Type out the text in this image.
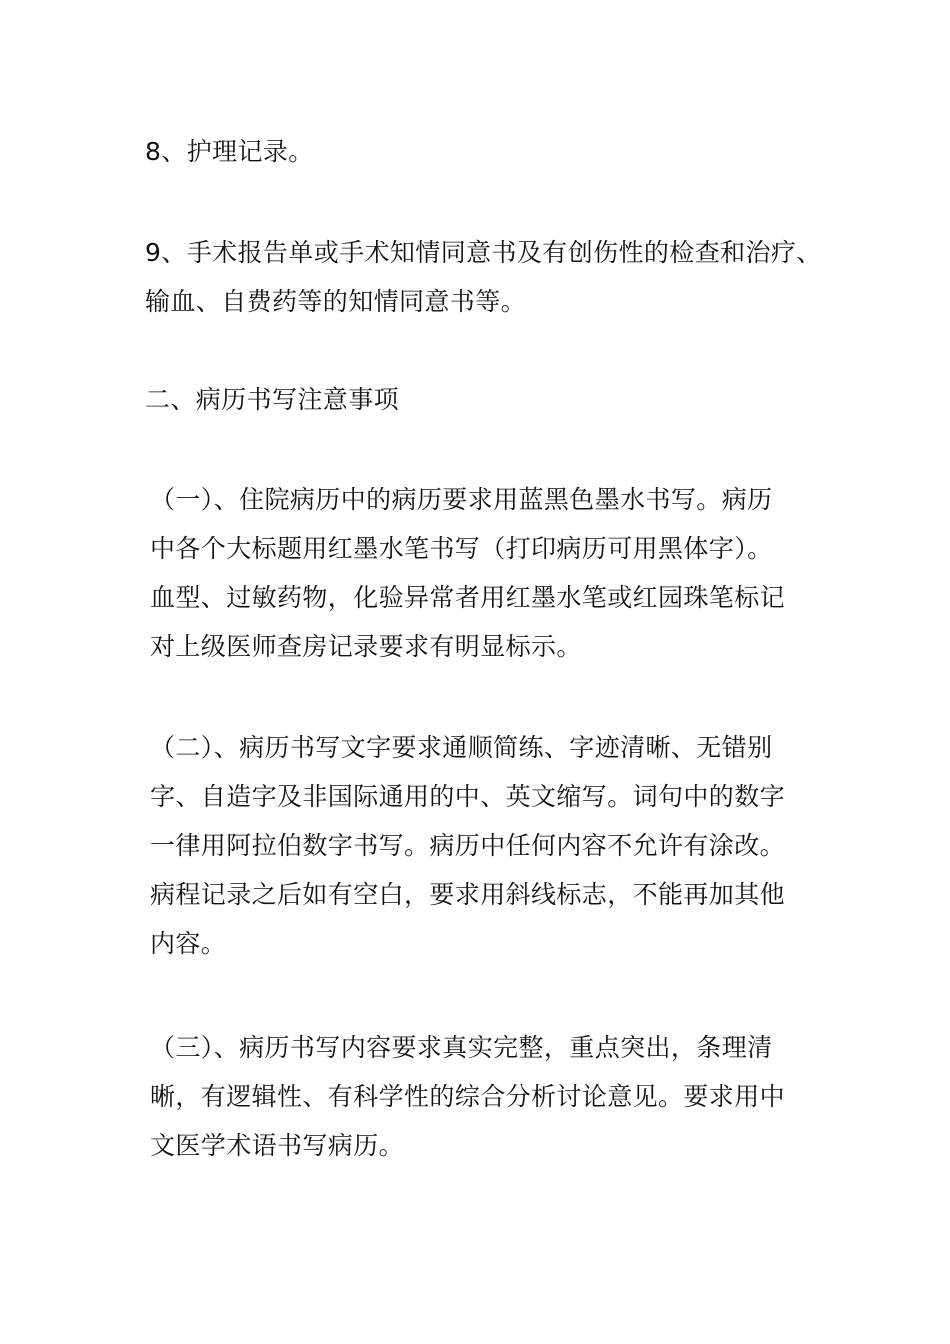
8、护理记录。

9、手术报告单或手术知情同意书及有创伤性的检查和治疗、
输血、自费药等的知情同意书等。

二、病历书写注意事项

（一）、住院病历中的病历要求用蓝黑色墨水书写。病历
中各个大标题用红墨水笔书写（打印病历可用黑体字）。
血型、过敏药物，化验异常者用红墨水笔或红园珠笔标记
对上级医师查房记录要求有明显标示。

（二）、病历书写文字要求通顺简练、字迹清晰、无错别
字、自造字及非国际通用的中、英文缩写。词句中的数字
一律用阿拉伯数字书写。病历中任何内容不允许有涂改。
病程记录之后如有空白，要求用斜线标志，不能再加其他
内容。

（三）、病历书写内容要求真实完整，重点突出，条理清
晰，有逻辑性、有科学性的综合分析讨论意见。要求用中
文医学术语书写病历。
